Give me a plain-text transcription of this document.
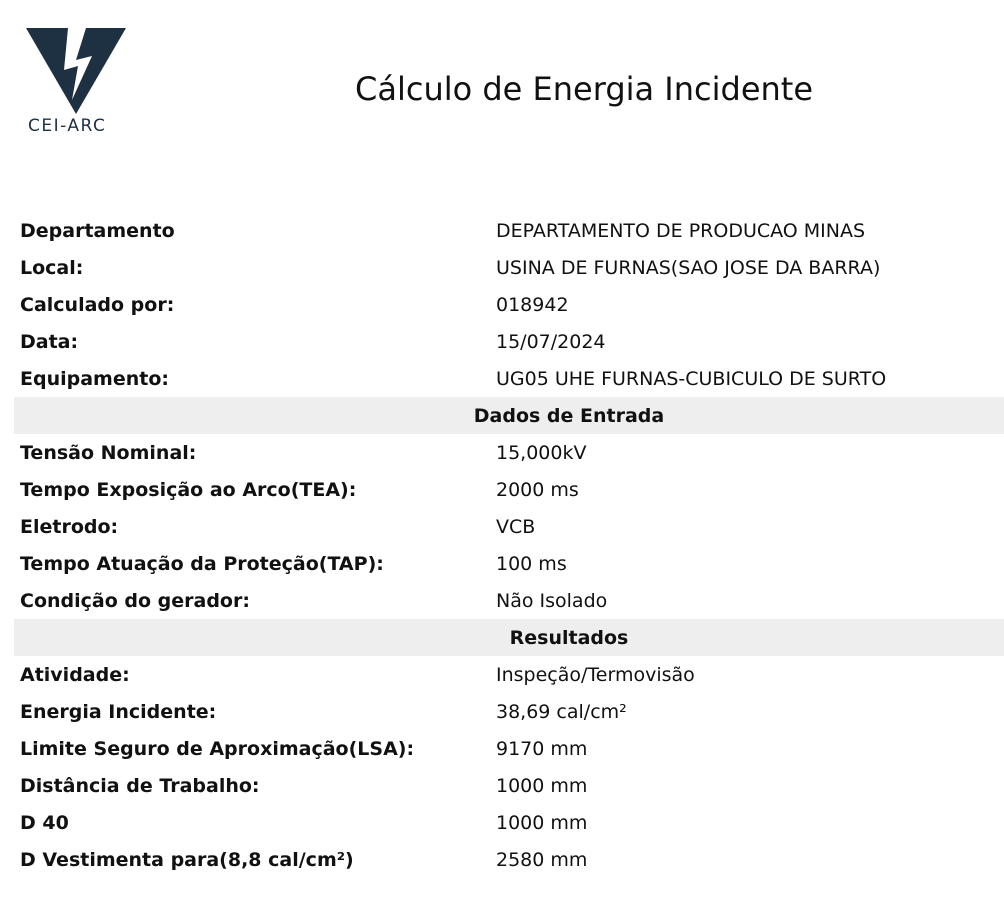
CEI-ARC
Cálculo de Energia Incidente
Departamento	DEPARTAMENTO DE PRODUCAO MINAS
Local:	USINA DE FURNAS(SAO JOSE DA BARRA)
Calculado por:	018942
Data:	15/07/2024
Equipamento:	UG05 UHE FURNAS-CUBICULO DE SURTO
Dados de Entrada
Tensão Nominal:	15,000kV
Tempo Exposição ao Arco(TEA):	2000 ms
Eletrodo:	VCB
Tempo Atuação da Proteção(TAP):	100 ms
Condição do gerador:	Não Isolado
Resultados
Atividade:	Inspeção/Termovisão
Energia Incidente:	38,69 cal/cm²
Limite Seguro de Aproximação(LSA):	9170 mm
Distância de Trabalho:	1000 mm
D 40	1000 mm
D Vestimenta para(8,8 cal/cm²)	2580 mm
